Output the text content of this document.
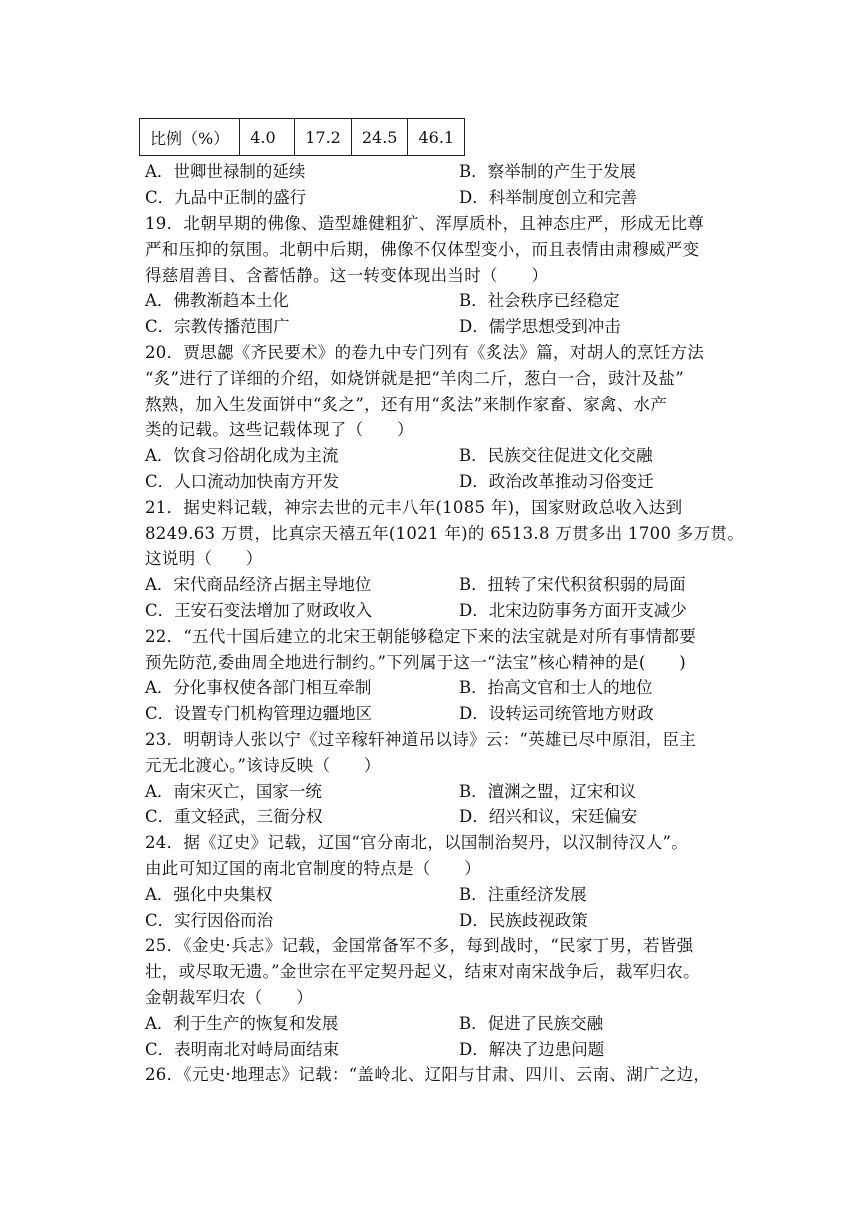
比例（%）	4.0	17.2	24.5	46.1
A．世卿世禄制的延续	B．察举制的产生于发展
C．九品中正制的盛行	D．科举制度创立和完善
19．北朝早期的佛像、造型雄健粗犷、浑厚质朴，且神态庄严，形成无比尊
严和压抑的氛围。北朝中后期，佛像不仅体型变小，而且表情由肃穆威严变
得慈眉善目、含蓄恬静。这一转变体现出当时（　　）
A．佛教渐趋本土化	B．社会秩序已经稳定
C．宗教传播范围广	D．儒学思想受到冲击
20．贾思勰《齐民要术》的卷九中专门列有《炙法》篇，对胡人的烹饪方法
“炙”进行了详细的介绍，如烧饼就是把“羊肉二斤，葱白一合，豉汁及盐”
熬熟，加入生发面饼中“炙之”，还有用“炙法”来制作家畜、家禽、水产
类的记载。这些记载体现了（　　）
A．饮食习俗胡化成为主流	B．民族交往促进文化交融
C．人口流动加快南方开发	D．政治改革推动习俗变迁
21．据史料记载，神宗去世的元丰八年(1085 年)，国家财政总收入达到
8249.63 万贯，比真宗天禧五年(1021 年)的 6513.8 万贯多出 1700 多万贯。
这说明（　　）
A．宋代商品经济占据主导地位	B．扭转了宋代积贫积弱的局面
C．王安石变法增加了财政收入	D．北宋边防事务方面开支减少
22．“五代十国后建立的北宋王朝能够稳定下来的法宝就是对所有事情都要
预先防范,委曲周全地进行制约。”下列属于这一“法宝”核心精神的是(　　)
A．分化事权使各部门相互牵制	B．抬高文官和士人的地位
C．设置专门机构管理边疆地区	D．设转运司统管地方财政
23．明朝诗人张以宁《过辛稼轩神道吊以诗》云：“英雄已尽中原泪，臣主
元无北渡心。”该诗反映（　　）
A．南宋灭亡，国家一统	B．澶渊之盟，辽宋和议
C．重文轻武，三衙分权	D．绍兴和议，宋廷偏安
24．据《辽史》记载，辽国“官分南北，以国制治契丹，以汉制待汉人”。
由此可知辽国的南北官制度的特点是（　　）
A．强化中央集权	B．注重经济发展
C．实行因俗而治	D．民族歧视政策
25．《金史·兵志》记载，金国常备军不多，每到战时，“民家丁男，若皆强
壮，或尽取无遗。”金世宗在平定契丹起义，结束对南宋战争后，裁军归农。
金朝裁军归农（　　）
A．利于生产的恢复和发展	B．促进了民族交融
C．表明南北对峙局面结束	D．解决了边患问题
26．《元史·地理志》记载：“盖岭北、辽阳与甘肃、四川、云南、湖广之边，
